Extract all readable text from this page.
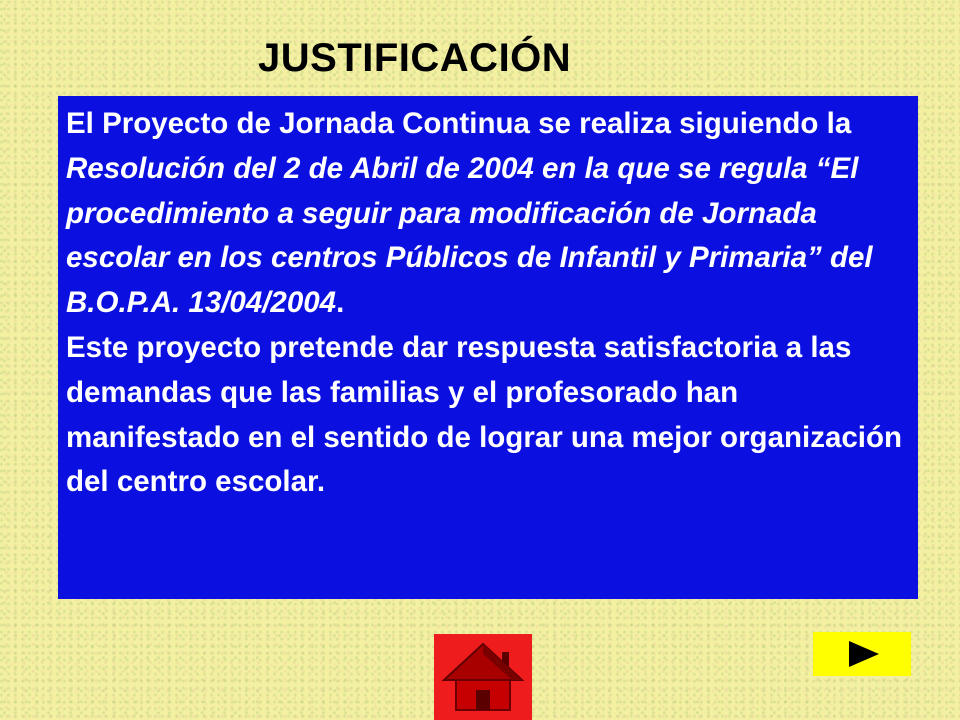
JUSTIFICACIÓN

El Proyecto de Jornada Continua se realiza siguiendo la Resolución del 2 de Abril de 2004 en la que se regula “El procedimiento a seguir para modificación de Jornada escolar en los centros Públicos de Infantil y Primaria” del B.O.P.A. 13/04/2004.

Este proyecto pretende dar respuesta satisfactoria a las demandas que las familias y el profesorado han manifestado en el sentido de lograr una mejor organización del centro escolar.
